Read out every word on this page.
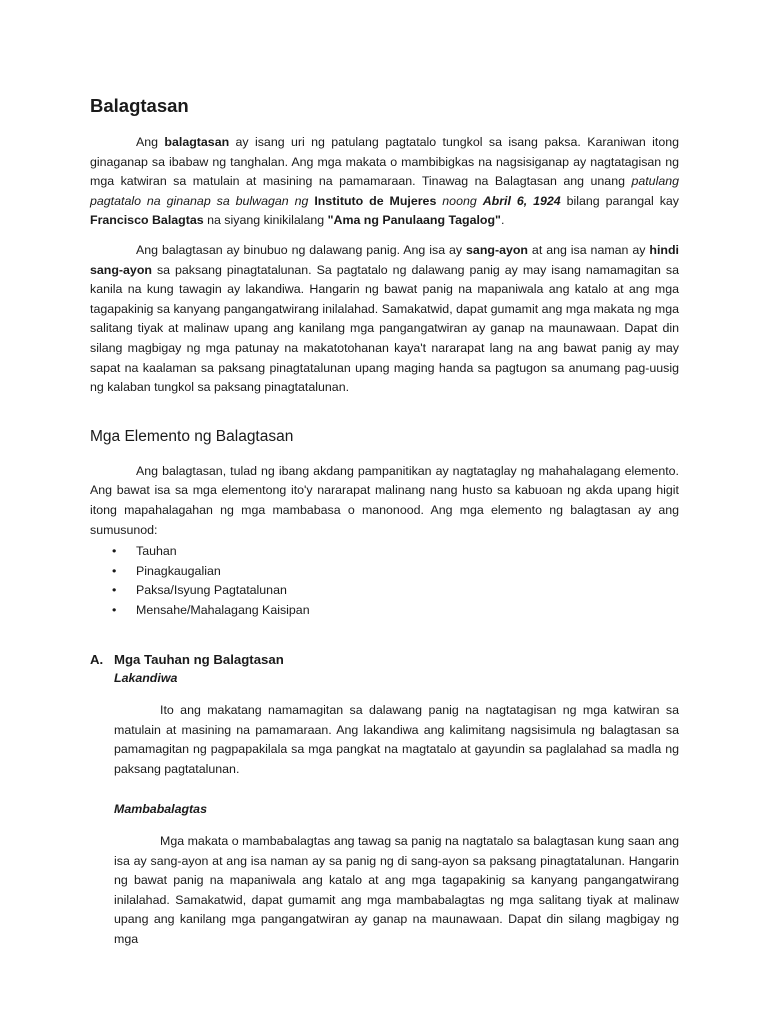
Balagtasan

Ang balagtasan ay isang uri ng patulang pagtatalo tungkol sa isang paksa. Karaniwan itong ginaganap sa ibabaw ng tanghalan. Ang mga makata o mambibigkas na nagsisiganap ay nagtatagisan ng mga katwiran sa matulain at masining na pamamaraan. Tinawag na Balagtasan ang unang patulang pagtatalo na ginanap sa bulwagan ng Instituto de Mujeres noong Abril 6, 1924 bilang parangal kay Francisco Balagtas na siyang kinikilalang "Ama ng Panulaang Tagalog".

Ang balagtasan ay binubuo ng dalawang panig. Ang isa ay sang-ayon at ang isa naman ay hindi sang-ayon sa paksang pinagtatalunan. Sa pagtatalo ng dalawang panig ay may isang namamagitan sa kanila na kung tawagin ay lakandiwa. Hangarin ng bawat panig na mapaniwala ang katalo at ang mga tagapakinig sa kanyang pangangatwirang inilalahad. Samakatwid, dapat gumamit ang mga makata ng mga salitang tiyak at malinaw upang ang kanilang mga pangangatwiran ay ganap na maunawaan. Dapat din silang magbigay ng mga patunay na makatotohanan kaya't nararapat lang na ang bawat panig ay may sapat na kaalaman sa paksang pinagtatalunan upang maging handa sa pagtugon sa anumang pag-uusig ng kalaban tungkol sa paksang pinagtatalunan.

Mga Elemento ng Balagtasan

Ang balagtasan, tulad ng ibang akdang pampanitikan ay nagtataglay ng mahahalagang elemento. Ang bawat isa sa mga elementong ito'y nararapat malinang nang husto sa kabuoan ng akda upang higit itong mapahalagahan ng mga mambabasa o manonood. Ang mga elemento ng balagtasan ay ang sumusunod:

• Tauhan
• Pinagkaugalian
• Paksa/Isyung Pagtatalunan
• Mensahe/Mahalagang Kaisipan
A. Mga Tauhan ng Balagtasan
Lakandiwa

Ito ang makatang namamagitan sa dalawang panig na nagtatagisan ng mga katwiran sa matulain at masining na pamamaraan. Ang lakandiwa ang kalimitang nagsisimula ng balagtasan sa pamamagitan ng pagpapakilala sa mga pangkat na magtatalo at gayundin sa paglalahad sa madla ng paksang pagtatalunan.

Mambabalagtas

Mga makata o mambabalagtas ang tawag sa panig na nagtatalo sa balagtasan kung saan ang isa ay sang-ayon at ang isa naman ay sa panig ng di sang-ayon sa paksang pinagtatalunan. Hangarin ng bawat panig na mapaniwala ang katalo at ang mga tagapakinig sa kanyang pangangatwirang inilalahad. Samakatwid, dapat gumamit ang mga mambabalagtas ng mga salitang tiyak at malinaw upang ang kanilang mga pangangatwiran ay ganap na maunawaan. Dapat din silang magbigay ng mga
